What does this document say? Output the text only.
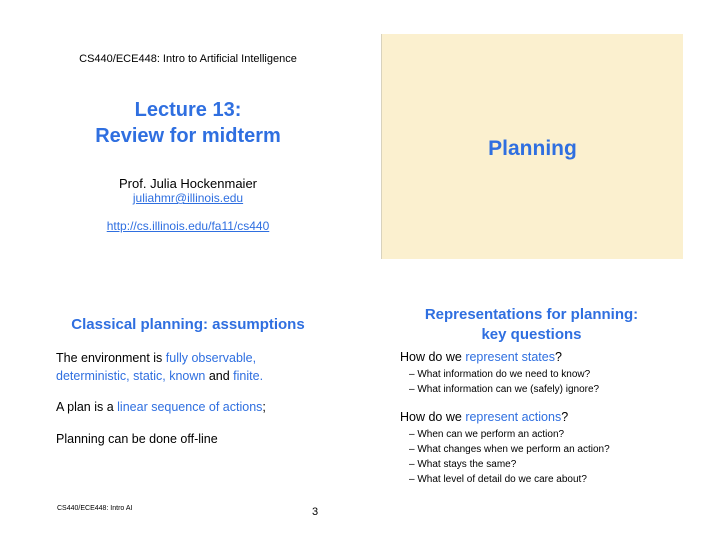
CS440/ECE448: Intro to Artificial Intelligence
Lecture 13:
Review for midterm
Prof. Julia Hockenmaier
juliahmr@illinois.edu
http://cs.illinois.edu/fa11/cs440
Planning
Classical planning: assumptions
The environment is fully observable,
deterministic, static, known and finite.
A plan is a linear sequence of actions;
Planning can be done off-line
CS440/ECE448: Intro AI	3
Representations for planning:
key questions
How do we represent states?
– What information do we need to know?
– What information can we (safely) ignore?
How do we represent actions?
– When can we perform an action?
– What changes when we perform an action?
– What stays the same?
– What level of detail do we care about?
